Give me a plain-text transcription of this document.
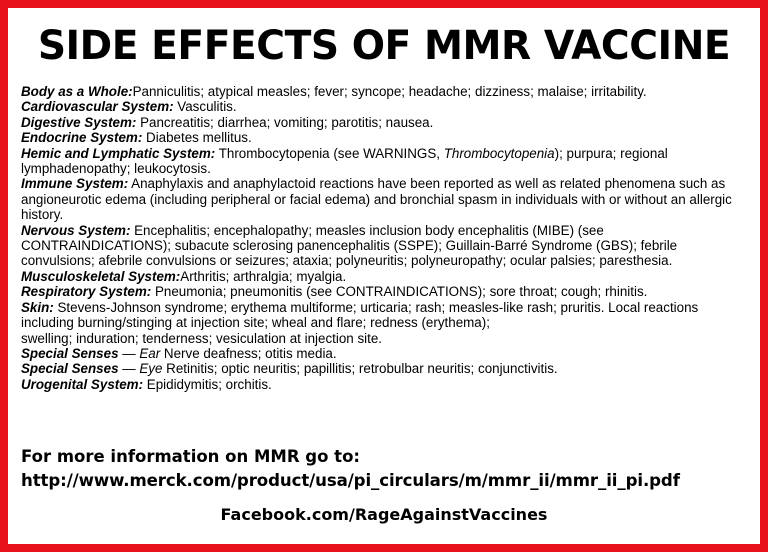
SIDE EFFECTS OF MMR VACCINE

Body as a Whole:Panniculitis; atypical measles; fever; syncope; headache; dizziness; malaise; irritability.

Cardiovascular System: Vasculitis.

Digestive System: Pancreatitis; diarrhea; vomiting; parotitis; nausea.

Endocrine System: Diabetes mellitus.

Hemic and Lymphatic System: Thrombocytopenia (see WARNINGS, Thrombocytopenia); purpura; regional lymphadenopathy; leukocytosis.

Immune System: Anaphylaxis and anaphylactoid reactions have been reported as well as related phenomena such as angioneurotic edema (including peripheral or facial edema) and bronchial spasm in individuals with or without an allergic history.

Nervous System: Encephalitis; encephalopathy; measles inclusion body encephalitis (MIBE) (see CONTRAINDICATIONS); subacute sclerosing panencephalitis (SSPE); Guillain-Barré Syndrome (GBS); febrile convulsions; afebrile convulsions or seizures; ataxia; polyneuritis; polyneuropathy; ocular palsies; paresthesia.

Musculoskeletal System:Arthritis; arthralgia; myalgia.

Respiratory System: Pneumonia; pneumonitis (see CONTRAINDICATIONS); sore throat; cough; rhinitis.

Skin: Stevens-Johnson syndrome; erythema multiforme; urticaria; rash; measles-like rash; pruritis. Local reactions including burning/stinging at injection site; wheal and flare; redness (erythema);
swelling; induration; tenderness; vesiculation at injection site.

Special Senses — Ear Nerve deafness; otitis media.

Special Senses — Eye Retinitis; optic neuritis; papillitis; retrobulbar neuritis; conjunctivitis.

Urogenital System: Epididymitis; orchitis.

For more information on MMR go to:
http://www.merck.com/product/usa/pi_circulars/m/mmr_ii/mmr_ii_pi.pdf
Facebook.com/RageAgainstVaccines
